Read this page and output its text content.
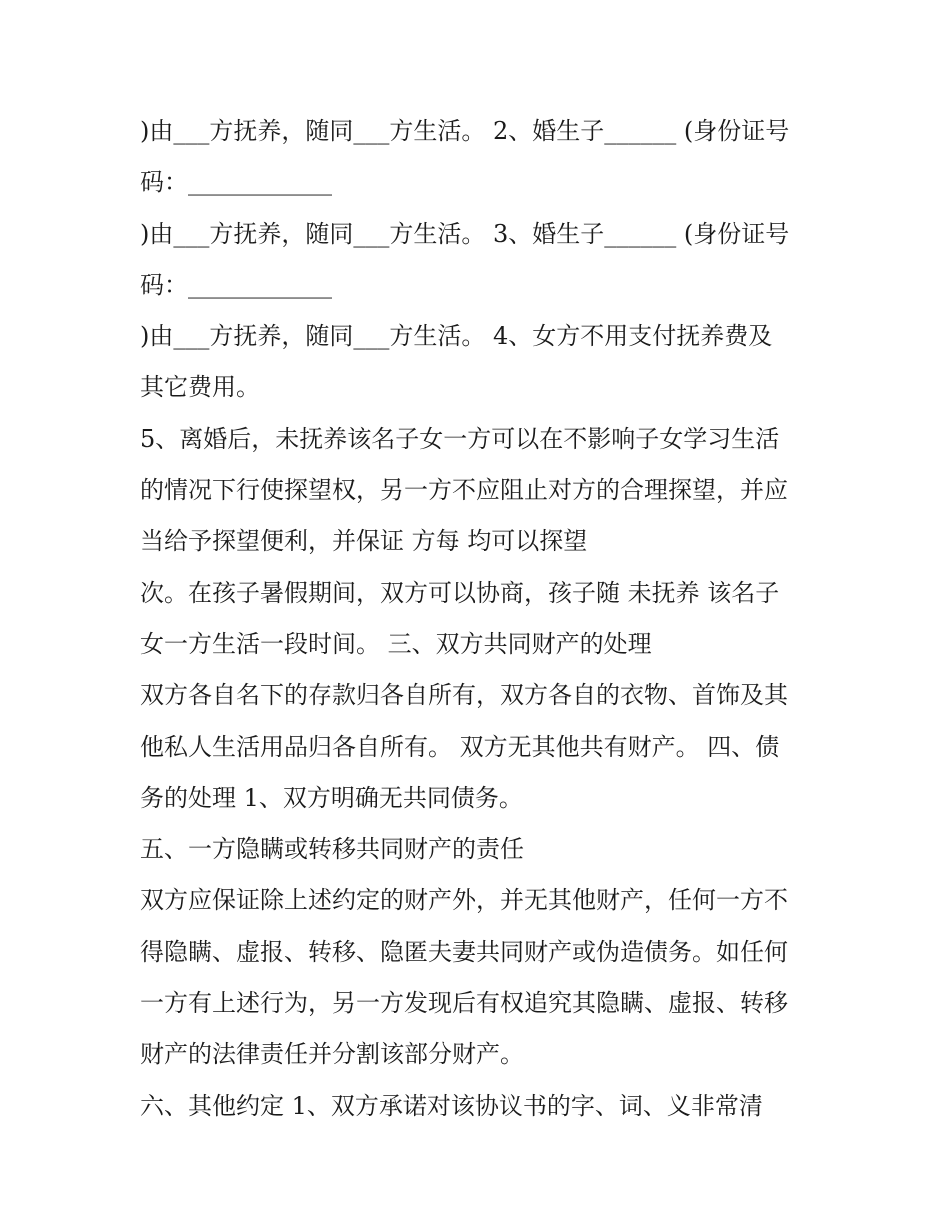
)由___方抚养，随同___方生活。 2、婚生子______ (身份证号
码：____________
)由___方抚养，随同___方生活。 3、婚生子______ (身份证号
码：____________
)由___方抚养，随同___方生活。 4、女方不用支付抚养费及
其它费用。
5、离婚后，未抚养该名子女一方可以在不影响子女学习生活
的情况下行使探望权，另一方不应阻止对方的合理探望，并应
当给予探望便利，并保证 方每 均可以探望
次。在孩子暑假期间，双方可以协商，孩子随 未抚养 该名子
女一方生活一段时间。 三、双方共同财产的处理
双方各自名下的存款归各自所有，双方各自的衣物、首饰及其
他私人生活用品归各自所有。 双方无其他共有财产。 四、债
务的处理 1、双方明确无共同债务。
五、一方隐瞒或转移共同财产的责任
双方应保证除上述约定的财产外，并无其他财产，任何一方不
得隐瞒、虚报、转移、隐匿夫妻共同财产或伪造债务。如任何
一方有上述行为，另一方发现后有权追究其隐瞒、虚报、转移
财产的法律责任并分割该部分财产。
六、其他约定 1、双方承诺对该协议书的字、词、义非常清
